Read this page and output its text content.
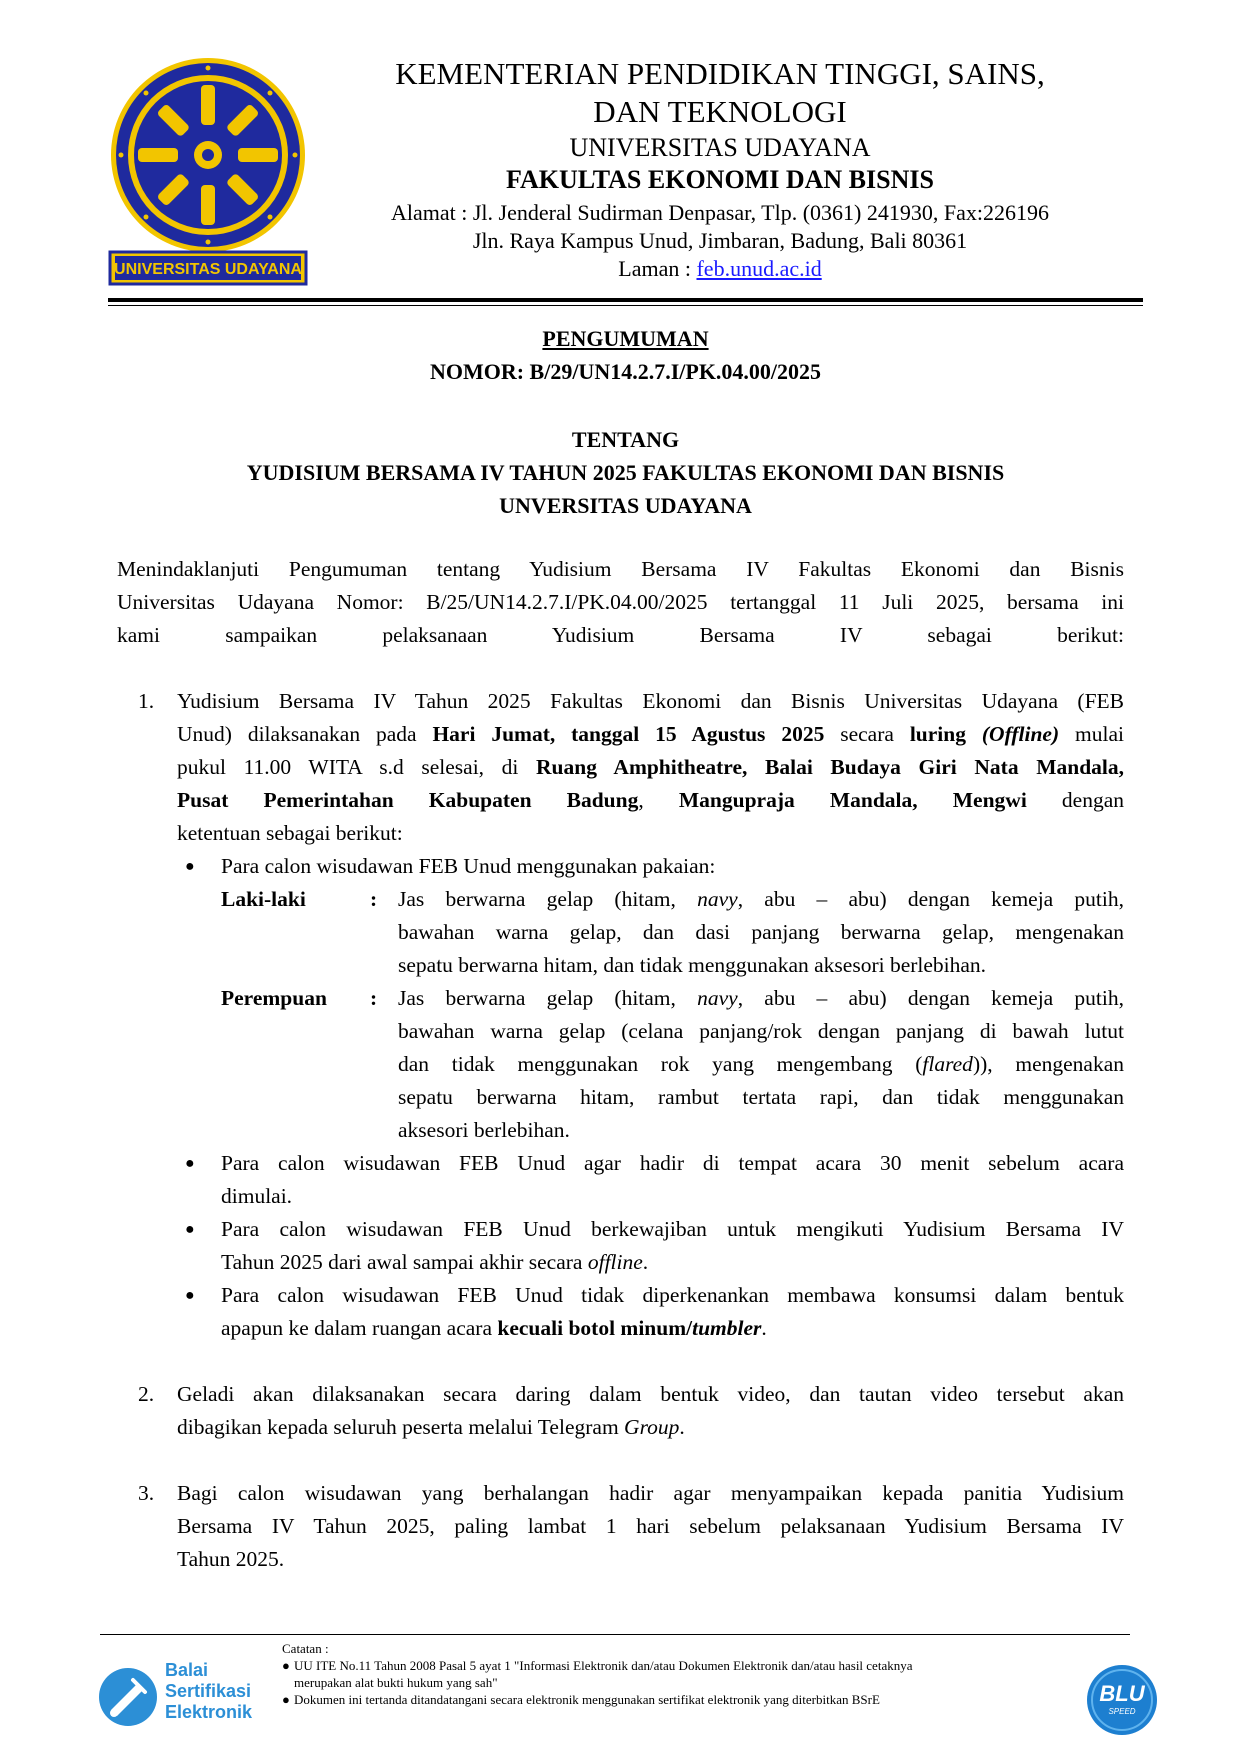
UNIVERSITAS UDAYANA
KEMENTERIAN PENDIDIKAN TINGGI, SAINS,
DAN TEKNOLOGI
UNIVERSITAS UDAYANA
FAKULTAS EKONOMI DAN BISNIS
Alamat : Jl. Jenderal Sudirman Denpasar, Tlp. (0361) 241930, Fax:226196
Jln. Raya Kampus Unud, Jimbaran, Badung, Bali 80361
Laman : feb.unud.ac.id
PENGUMUMAN
NOMOR: B/29/UN14.2.7.I/PK.04.00/2025
TENTANG
YUDISIUM BERSAMA IV TAHUN 2025 FAKULTAS EKONOMI DAN BISNIS
UNVERSITAS UDAYANA
Menindaklanjuti Pengumuman tentang Yudisium Bersama IV Fakultas Ekonomi dan Bisnis
Universitas Udayana Nomor: B/25/UN14.2.7.I/PK.04.00/2025 tertanggal 11 Juli 2025, bersama ini
kami sampaikan pelaksanaan Yudisium Bersama IV sebagai berikut:
1. Yudisium Bersama IV Tahun 2025 Fakultas Ekonomi dan Bisnis Universitas Udayana (FEB
Unud) dilaksanakan pada Hari Jumat, tanggal 15 Agustus 2025 secara luring (Offline) mulai
pukul 11.00 WITA s.d selesai, di Ruang Amphitheatre, Balai Budaya Giri Nata Mandala,
Pusat Pemerintahan Kabupaten Badung, Mangupraja Mandala, Mengwi dengan
ketentuan sebagai berikut:
● Para calon wisudawan FEB Unud menggunakan pakaian:
Laki-laki	: Jas berwarna gelap (hitam, navy, abu – abu) dengan kemeja putih,
bawahan warna gelap, dan dasi panjang berwarna gelap, mengenakan
sepatu berwarna hitam, dan tidak menggunakan aksesori berlebihan.
Perempuan : Jas berwarna gelap (hitam, navy, abu – abu) dengan kemeja putih,
bawahan warna gelap (celana panjang/rok dengan panjang di bawah lutut
dan tidak menggunakan rok yang mengembang (flared)), mengenakan
sepatu berwarna hitam, rambut tertata rapi, dan tidak menggunakan
aksesori berlebihan.
● Para calon wisudawan FEB Unud agar hadir di tempat acara 30 menit sebelum acara
dimulai.
● Para calon wisudawan FEB Unud berkewajiban untuk mengikuti Yudisium Bersama IV
Tahun 2025 dari awal sampai akhir secara offline.
● Para calon wisudawan FEB Unud tidak diperkenankan membawa konsumsi dalam bentuk
apapun ke dalam ruangan acara kecuali botol minum/tumbler.
2. Geladi akan dilaksanakan secara daring dalam bentuk video, dan tautan video tersebut akan
dibagikan kepada seluruh peserta melalui Telegram Group.
3. Bagi calon wisudawan yang berhalangan hadir agar menyampaikan kepada panitia Yudisium
Bersama IV Tahun 2025, paling lambat 1 hari sebelum pelaksanaan Yudisium Bersama IV
Tahun 2025.
Balai
Sertifikasi
Elektronik
Catatan :
● UU ITE No.11 Tahun 2008 Pasal 5 ayat 1 "Informasi Elektronik dan/atau Dokumen Elektronik dan/atau hasil cetaknya
merupakan alat bukti hukum yang sah"
● Dokumen ini tertanda ditandatangani secara elektronik menggunakan sertifikat elektronik yang diterbitkan BSrE	BLU
SPEED
